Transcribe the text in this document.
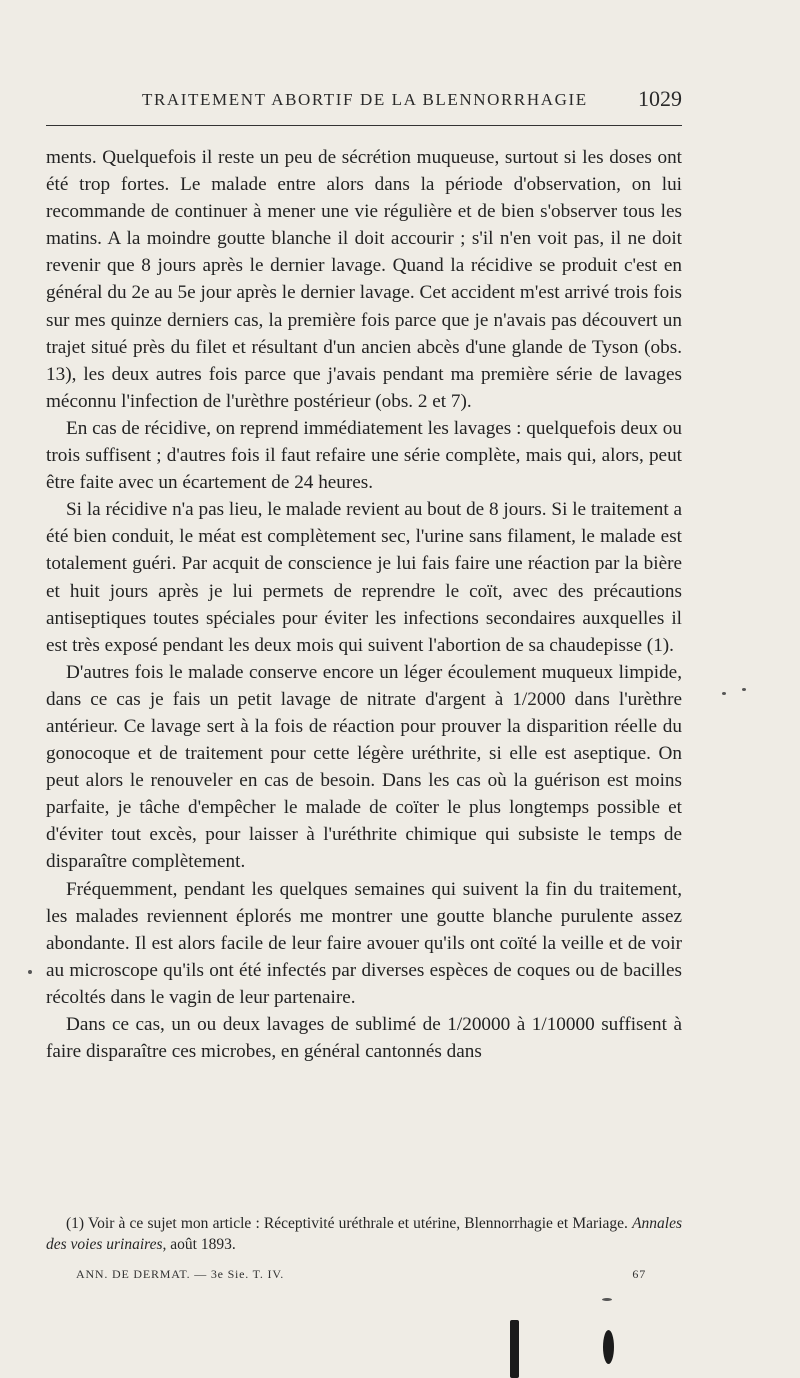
TRAITEMENT ABORTIF DE LA BLENNORRHAGIE 1029

ments. Quelquefois il reste un peu de sécrétion muqueuse, surtout si les doses ont été trop fortes. Le malade entre alors dans la période d'observation, on lui recommande de continuer à mener une vie régulière et de bien s'observer tous les matins. A la moindre goutte blanche il doit accourir ; s'il n'en voit pas, il ne doit revenir que 8 jours après le dernier lavage. Quand la récidive se produit c'est en général du 2e au 5e jour après le dernier lavage. Cet accident m'est arrivé trois fois sur mes quinze derniers cas, la première fois parce que je n'avais pas découvert un trajet situé près du filet et résultant d'un ancien abcès d'une glande de Tyson (obs. 13), les deux autres fois parce que j'avais pendant ma première série de lavages méconnu l'infection de l'urèthre postérieur (obs. 2 et 7).

En cas de récidive, on reprend immédiatement les lavages : quelquefois deux ou trois suffisent ; d'autres fois il faut refaire une série complète, mais qui, alors, peut être faite avec un écartement de 24 heures.

Si la récidive n'a pas lieu, le malade revient au bout de 8 jours. Si le traitement a été bien conduit, le méat est complètement sec, l'urine sans filament, le malade est totalement guéri. Par acquit de conscience je lui fais faire une réaction par la bière et huit jours après je lui permets de reprendre le coït, avec des précautions antiseptiques toutes spéciales pour éviter les infections secondaires auxquelles il est très exposé pendant les deux mois qui suivent l'abortion de sa chaudepisse (1).

D'autres fois le malade conserve encore un léger écoulement muqueux limpide, dans ce cas je fais un petit lavage de nitrate d'argent à 1/2000 dans l'urèthre antérieur. Ce lavage sert à la fois de réaction pour prouver la disparition réelle du gonocoque et de traitement pour cette légère uréthrite, si elle est aseptique. On peut alors le renouveler en cas de besoin. Dans les cas où la guérison est moins parfaite, je tâche d'empêcher le malade de coïter le plus longtemps possible et d'éviter tout excès, pour laisser à l'uréthrite chimique qui subsiste le temps de disparaître complètement.

Fréquemment, pendant les quelques semaines qui suivent la fin du traitement, les malades reviennent éplorés me montrer une goutte blanche purulente assez abondante. Il est alors facile de leur faire avouer qu'ils ont coïté la veille et de voir au microscope qu'ils ont été infectés par diverses espèces de coques ou de bacilles récoltés dans le vagin de leur partenaire.

Dans ce cas, un ou deux lavages de sublimé de 1/20000 à 1/10000 suffisent à faire disparaître ces microbes, en général cantonnés dans

(1) Voir à ce sujet mon article : Réceptivité uréthrale et utérine, Blennorrhagie et Mariage. Annales des voies urinaires, août 1893.
ANN. DE DERMAT. — 3e Sie. T. IV.	67
